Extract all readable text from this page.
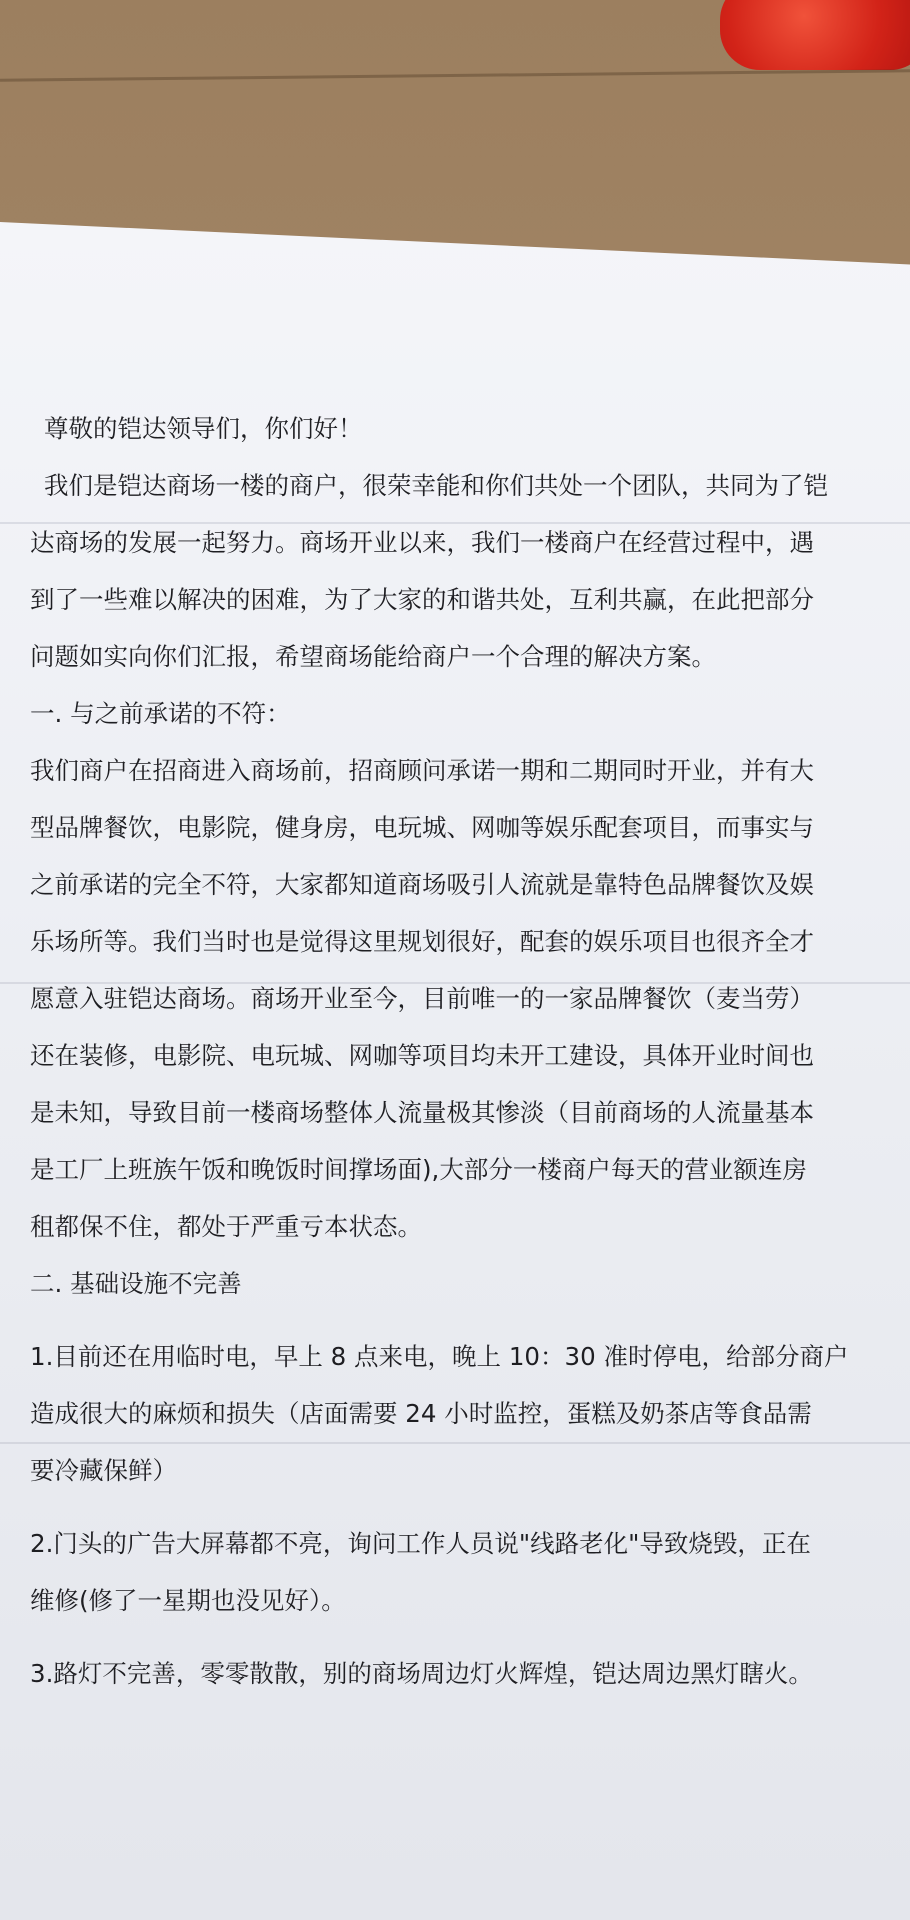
尊敬的铠达领导们，你们好！
我们是铠达商场一楼的商户，很荣幸能和你们共处一个团队，共同为了铠
达商场的发展一起努力。商场开业以来，我们一楼商户在经营过程中，遇
到了一些难以解决的困难，为了大家的和谐共处，互利共赢，在此把部分
问题如实向你们汇报，希望商场能给商户一个合理的解决方案。
一. 与之前承诺的不符：
我们商户在招商进入商场前，招商顾问承诺一期和二期同时开业，并有大
型品牌餐饮，电影院，健身房，电玩城、网咖等娱乐配套项目，而事实与
之前承诺的完全不符，大家都知道商场吸引人流就是靠特色品牌餐饮及娱
乐场所等。我们当时也是觉得这里规划很好，配套的娱乐项目也很齐全才
愿意入驻铠达商场。商场开业至今，目前唯一的一家品牌餐饮（麦当劳）
还在装修，电影院、电玩城、网咖等项目均未开工建设，具体开业时间也
是未知，导致目前一楼商场整体人流量极其惨淡（目前商场的人流量基本
是工厂上班族午饭和晚饭时间撑场面),大部分一楼商户每天的营业额连房
租都保不住，都处于严重亏本状态。
二. 基础设施不完善
1.目前还在用临时电，早上 8 点来电，晚上 10：30 准时停电，给部分商户
造成很大的麻烦和损失（店面需要 24 小时监控，蛋糕及奶茶店等食品需
要冷藏保鲜）
2.门头的广告大屏幕都不亮，询问工作人员说"线路老化"导致烧毁，正在
维修(修了一星期也没见好）。
3.路灯不完善，零零散散，别的商场周边灯火辉煌，铠达周边黑灯瞎火。
